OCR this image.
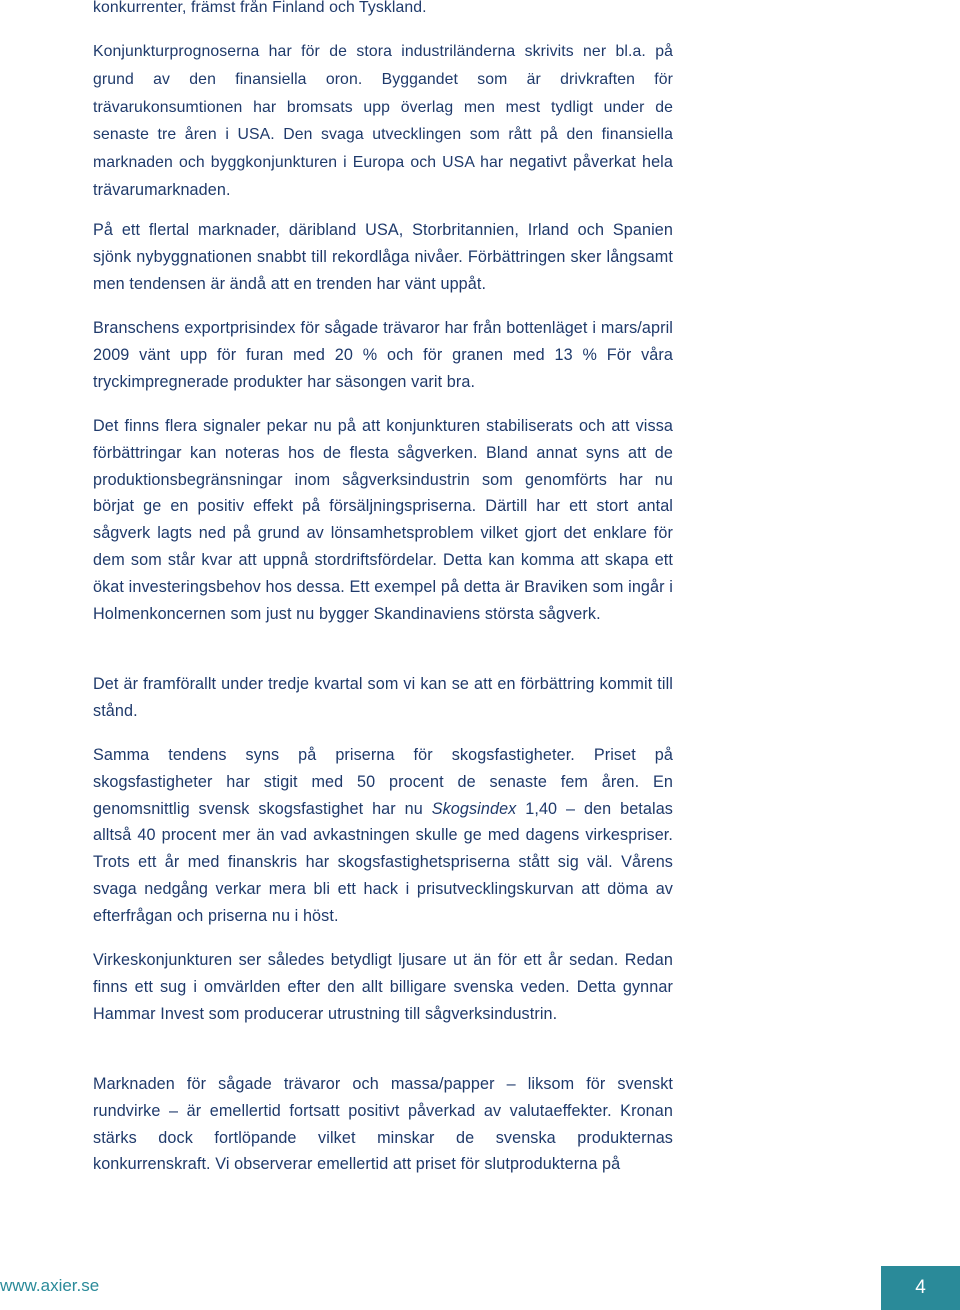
konkurrenter, främst från Finland och Tyskland.

Konjunkturprognoserna har för de stora industriländerna skrivits ner bl.a. på grund av den finansiella oron. Byggandet som är drivkraften för trävarukonsumtionen har bromsats upp överlag men mest tydligt under de senaste tre åren i USA. Den svaga utvecklingen som rått på den finansiella marknaden och byggkonjunkturen i Europa och USA har negativt påverkat hela trävarumarknaden.

På ett flertal marknader, däribland USA, Storbritannien, Irland och Spanien sjönk nybyggnationen snabbt till rekordlåga nivåer. Förbättringen sker långsamt men tendensen är ändå att en trenden har vänt uppåt.

Branschens exportprisindex för sågade trävaror har från bottenläget i mars/april 2009 vänt upp för furan med 20 % och för granen med 13 % För våra tryckimpregnerade produkter har säsongen varit bra.

Det finns flera signaler pekar nu på att konjunkturen stabiliserats och att vissa förbättringar kan noteras hos de flesta sågverken. Bland annat syns att de produktionsbegränsningar inom sågverksindustrin som genomförts har nu börjat ge en positiv effekt på försäljningspriserna. Därtill har ett stort antal sågverk lagts ned på grund av lönsamhetsproblem vilket gjort det enklare för dem som står kvar att uppnå stordriftsfördelar. Detta kan komma att skapa ett ökat investeringsbehov hos dessa. Ett exempel på detta är Braviken som ingår i Holmenkoncernen som just nu bygger Skandinaviens största sågverk.

Det är framförallt under tredje kvartal som vi kan se att en förbättring kommit till stånd.

Samma tendens syns på priserna för skogsfastigheter. Priset på skogsfastigheter har stigit med 50 procent de senaste fem åren. En genomsnittlig svensk skogsfastighet har nu Skogsindex 1,40 – den betalas alltså 40 procent mer än vad avkastningen skulle ge med dagens virkespriser. Trots ett år med finanskris har skogsfastighetspriserna stått sig väl. Vårens svaga nedgång verkar mera bli ett hack i prisutvecklingskurvan att döma av efterfrågan och priserna nu i höst.

Virkeskonjunkturen ser således betydligt ljusare ut än för ett år sedan. Redan finns ett sug i omvärlden efter den allt billigare svenska veden. Detta gynnar Hammar Invest som producerar utrustning till sågverksindustrin.

Marknaden för sågade trävaror och massa/papper – liksom för svenskt rundvirke – är emellertid fortsatt positivt påverkad av valutaeffekter. Kronan stärks dock fortlöpande vilket minskar de svenska produkternas konkurrenskraft. Vi observerar emellertid att priset för slutprodukterna på

www.axier.se	4
